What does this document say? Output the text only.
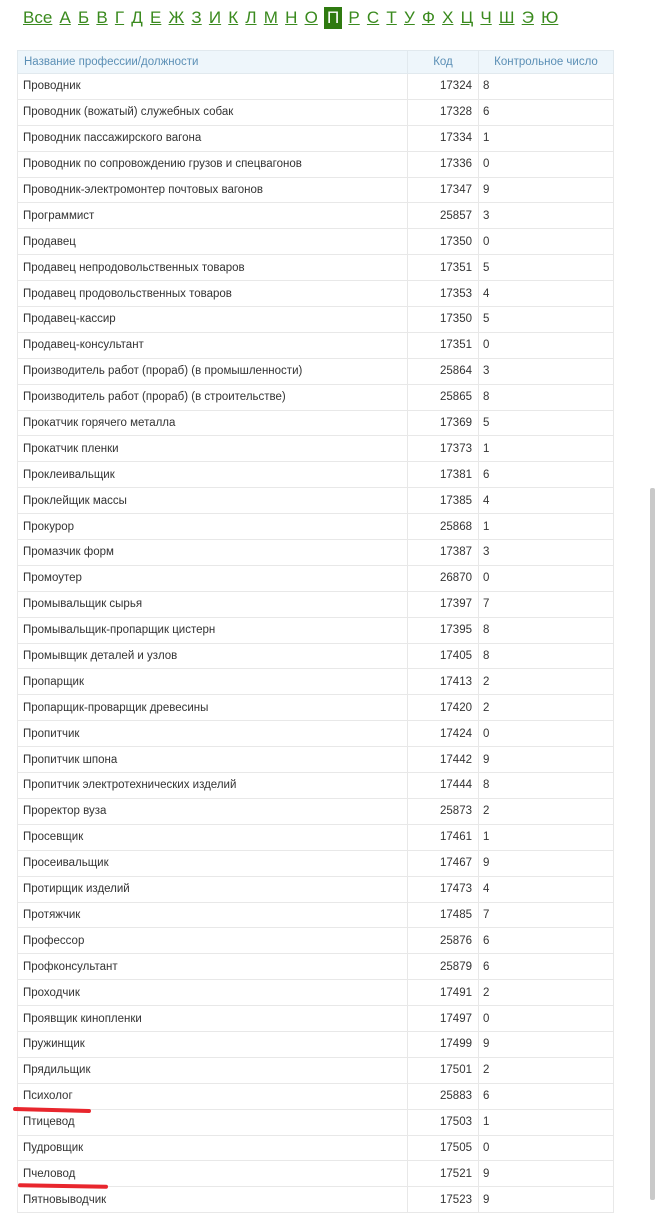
Все А Б В Г Д Е Ж З И К Л М Н О П Р С Т У Ф Х Ц Ч Ш Э Ю
Название профессии/должности	Код	Контрольное число
Проводник	17324	8
Проводник (вожатый) служебных собак	17328	6
Проводник пассажирского вагона	17334	1
Проводник по сопровождению грузов и спецвагонов	17336	0
Проводник-электромонтер почтовых вагонов	17347	9
Программист	25857	3
Продавец	17350	0
Продавец непродовольственных товаров	17351	5
Продавец продовольственных товаров	17353	4
Продавец-кассир	17350	5
Продавец-консультант	17351	0
Производитель работ (прораб) (в промышленности)	25864	3
Производитель работ (прораб) (в строительстве)	25865	8
Прокатчик горячего металла	17369	5
Прокатчик пленки	17373	1
Проклеивальщик	17381	6
Проклейщик массы	17385	4
Прокурор	25868	1
Промазчик форм	17387	3
Промоутер	26870	0
Промывальщик сырья	17397	7
Промывальщик-пропарщик цистерн	17395	8
Промывщик деталей и узлов	17405	8
Пропарщик	17413	2
Пропарщик-проварщик древесины	17420	2
Пропитчик	17424	0
Пропитчик шпона	17442	9
Пропитчик электротехнических изделий	17444	8
Проректор вуза	25873	2
Просевщик	17461	1
Просеивальщик	17467	9
Протирщик изделий	17473	4
Протяжчик	17485	7
Профессор	25876	6
Профконсультант	25879	6
Проходчик	17491	2
Проявщик кинопленки	17497	0
Пружинщик	17499	9
Прядильщик	17501	2
Психолог	25883	6
Птицевод	17503	1
Пудровщик	17505	0
Пчеловод	17521	9
Пятновыводчик	17523	9
